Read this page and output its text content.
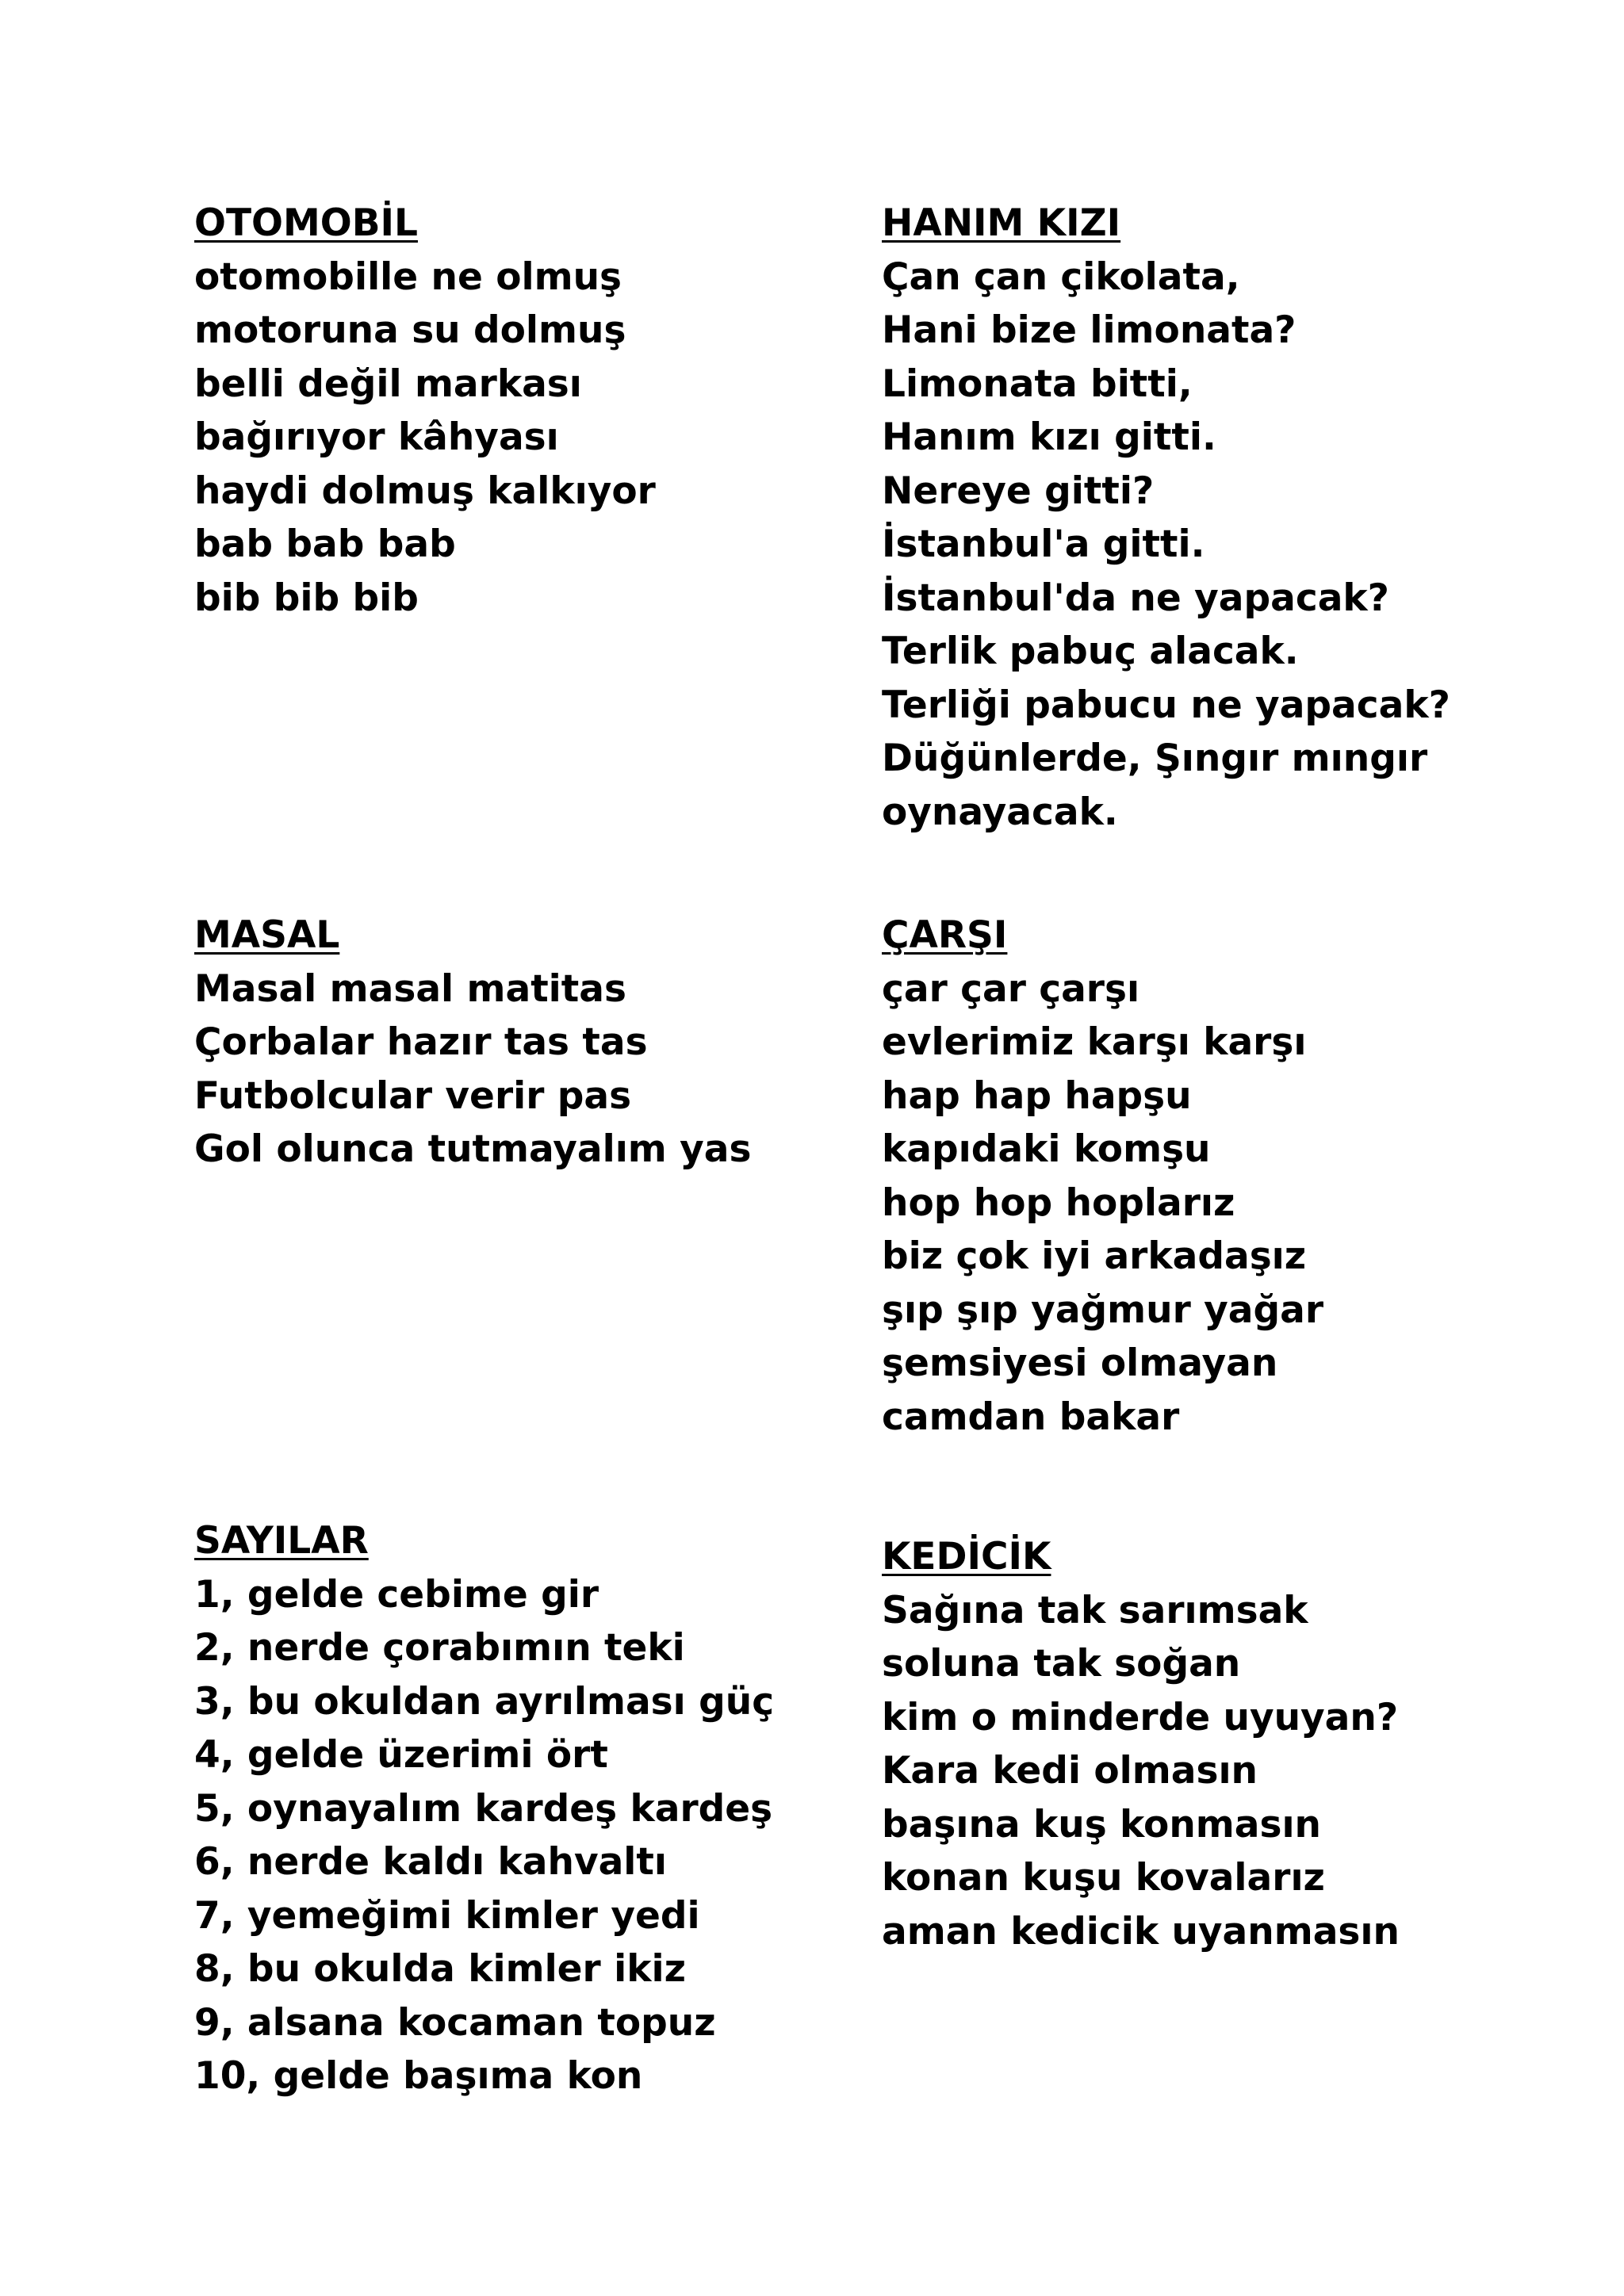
OTOMOBİL
otomobille ne olmuş
motoruna su dolmuş
belli değil markası
bağırıyor kâhyası
haydi dolmuş kalkıyor
bab bab bab
bib bib bib
HANIM KIZI
Çan çan çikolata,
Hani bize limonata?
Limonata bitti,
Hanım kızı gitti.
Nereye gitti?
İstanbul'a gitti.
İstanbul'da ne yapacak?
Terlik pabuç alacak.
Terliği pabucu ne yapacak?
Düğünlerde, Şıngır mıngır
oynayacak.
MASAL
Masal masal matitas
Çorbalar hazır tas tas
Futbolcular verir pas
Gol olunca tutmayalım yas
ÇARŞI
çar çar çarşı
evlerimiz karşı karşı
hap hap hapşu
kapıdaki komşu
hop hop hoplarız
biz çok iyi arkadaşız
şıp şıp yağmur yağar
şemsiyesi olmayan
camdan bakar
SAYILAR
1, gelde cebime gir
2, nerde çorabımın teki
3, bu okuldan ayrılması güç
4, gelde üzerimi ört
5, oynayalım kardeş kardeş
6, nerde kaldı kahvaltı
7, yemeğimi kimler yedi
8, bu okulda kimler ikiz
9, alsana kocaman topuz
10, gelde başıma kon
KEDİCİK
Sağına tak sarımsak
soluna tak soğan
kim o minderde uyuyan?
Kara kedi olmasın
başına kuş konmasın
konan kuşu kovalarız
aman kedicik uyanmasın
